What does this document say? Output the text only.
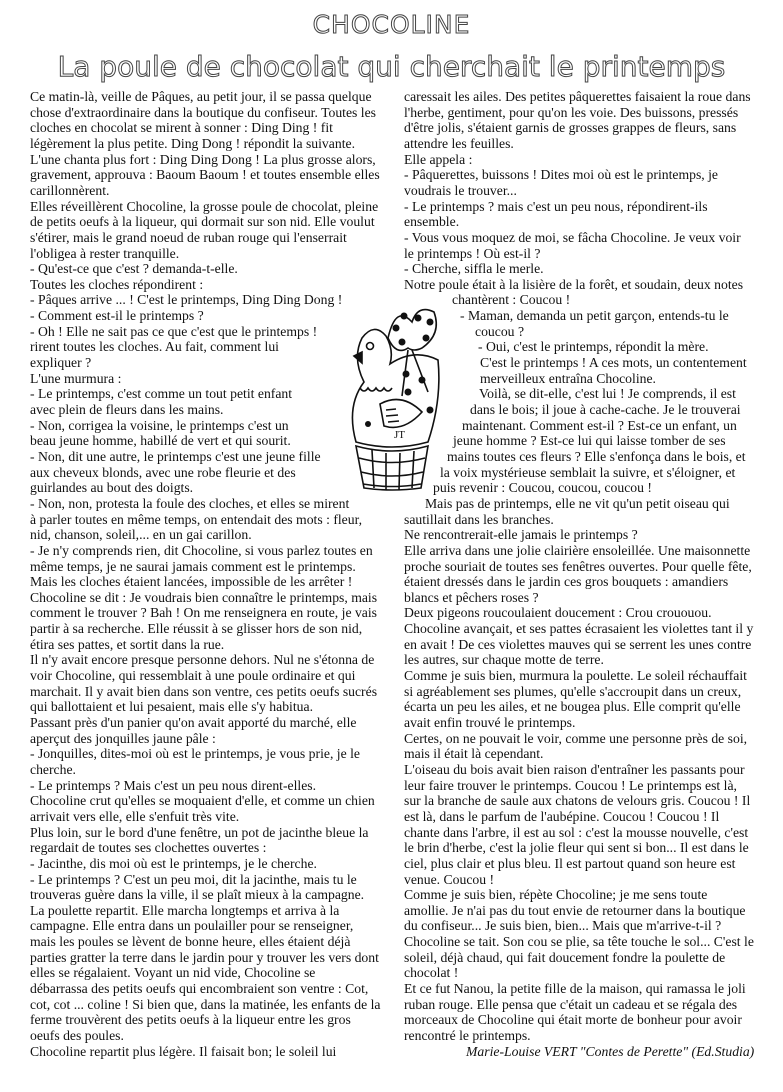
CHOCOLINE
La poule de chocolat qui cherchait le printemps
Ce matin-là, veille de Pâques, au petit jour, il se passa quelque
chose d'extraordinaire dans la boutique du confiseur. Toutes les
cloches en chocolat se mirent à sonner : Ding Ding ! fit
légèrement la plus petite. Ding Dong ! répondit la suivante.
L'une chanta plus fort : Ding Ding Dong ! La plus grosse alors,
gravement, approuva : Baoum Baoum ! et toutes ensemble elles
carillonnèrent.
Elles réveillèrent Chocoline, la grosse poule de chocolat, pleine
de petits oeufs à la liqueur, qui dormait sur son nid. Elle voulut
s'étirer, mais le grand noeud de ruban rouge qui l'enserrait
l'obligea à rester tranquille.
- Qu'est-ce que c'est ? demanda-t-elle.
Toutes les cloches répondirent :
- Pâques arrive ... ! C'est le printemps, Ding Ding Dong !
- Comment est-il le printemps ?
- Oh ! Elle ne sait pas ce que c'est que le printemps !
rirent toutes les cloches. Au fait, comment lui
expliquer ?
L'une murmura :
- Le printemps, c'est comme un tout petit enfant
avec plein de fleurs dans les mains.
- Non, corrigea la voisine, le printemps c'est un
beau jeune homme, habillé de vert et qui sourit.
- Non, dit une autre, le printemps c'est une jeune fille
aux cheveux blonds, avec une robe fleurie et des
guirlandes au bout des doigts.
- Non, non, protesta la foule des cloches, et elles se mirent
à parler toutes en même temps, on entendait des mots : fleur,
nid, chanson, soleil,... en un gai carillon.
- Je n'y comprends rien, dit Chocoline, si vous parlez toutes en
même temps, je ne saurai jamais comment est le printemps.
Mais les cloches étaient lancées, impossible de les arrêter !
Chocoline se dit : Je voudrais bien connaître le printemps, mais
comment le trouver ? Bah ! On me renseignera en route, je vais
partir à sa recherche. Elle réussit à se glisser hors de son nid,
étira ses pattes, et sortit dans la rue.
Il n'y avait encore presque personne dehors. Nul ne s'étonna de
voir Chocoline, qui ressemblait à une poule ordinaire et qui
marchait. Il y avait bien dans son ventre, ces petits oeufs sucrés
qui ballottaient et lui pesaient, mais elle s'y habitua.
Passant près d'un panier qu'on avait apporté du marché, elle
aperçut des jonquilles jaune pâle :
- Jonquilles, dites-moi où est le printemps, je vous prie, je le
cherche.
- Le printemps ? Mais c'est un peu nous dirent-elles.
Chocoline crut qu'elles se moquaient d'elle, et comme un chien
arrivait vers elle, elle s'enfuit très vite.
Plus loin, sur le bord d'une fenêtre, un pot de jacinthe bleue la
regardait de toutes ses clochettes ouvertes :
- Jacinthe, dis moi où est le printemps, je le cherche.
- Le printemps ? C'est un peu moi, dit la jacinthe, mais tu le
trouveras guère dans la ville, il se plaît mieux à la campagne.
La poulette repartit. Elle marcha longtemps et arriva à la
campagne. Elle entra dans un poulailler pour se renseigner,
mais les poules se lèvent de bonne heure, elles étaient déjà
parties gratter la terre dans le jardin pour y trouver les vers dont
elles se régalaient. Voyant un nid vide, Chocoline se
débarrassa des petits oeufs qui encombraient son ventre : Cot,
cot, cot ... coline ! Si bien que, dans la matinée, les enfants de la
ferme trouvèrent des petits oeufs à la liqueur entre les gros
oeufs des poules.
Chocoline repartit plus légère. Il faisait bon; le soleil lui
caressait les ailes. Des petites pâquerettes faisaient la roue dans
l'herbe, gentiment, pour qu'on les voie. Des buissons, pressés
d'être jolis, s'étaient garnis de grosses grappes de fleurs, sans
attendre les feuilles.
Elle appela :
- Pâquerettes, buissons ! Dites moi où est le printemps, je
voudrais le trouver...
- Le printemps ? mais c'est un peu nous, répondirent-ils
ensemble.
- Vous vous moquez de moi, se fâcha Chocoline. Je veux voir
le printemps ! Où est-il ?
- Cherche, siffla le merle.
Notre poule était à la lisière de la forêt, et soudain, deux notes
chantèrent : Coucou !
- Maman, demanda un petit garçon, entends-tu le
coucou ?
- Oui, c'est le printemps, répondit la mère.
C'est le printemps ! A ces mots, un contentement
merveilleux entraîna Chocoline.
Voilà, se dit-elle, c'est lui ! Je comprends, il est
dans le bois; il joue à cache-cache. Je le trouverai
maintenant. Comment est-il ? Est-ce un enfant, un
jeune homme ? Est-ce lui qui laisse tomber de ses
mains toutes ces fleurs ? Elle s'enfonça dans le bois, et
la voix mystérieuse semblait la suivre, et s'éloigner, et
puis revenir : Coucou, coucou, coucou !
Mais pas de printemps, elle ne vit qu'un petit oiseau qui
sautillait dans les branches.
Ne rencontrerait-elle jamais le printemps ?
Elle arriva dans une jolie clairière ensoleillée. Une maisonnette
proche souriait de toutes ses fenêtres ouvertes. Pour quelle fête,
étaient dressés dans le jardin ces gros bouquets : amandiers
blancs et pêchers roses ?
Deux pigeons roucoulaient doucement : Crou crououou.
Chocoline avançait, et ses pattes écrasaient les violettes tant il y
en avait ! De ces violettes mauves qui se serrent les unes contre
les autres, sur chaque motte de terre.
Comme je suis bien, murmura la poulette. Le soleil réchauffait
si agréablement ses plumes, qu'elle s'accroupit dans un creux,
écarta un peu les ailes, et ne bougea plus. Elle comprit qu'elle
avait enfin trouvé le printemps.
Certes, on ne pouvait le voir, comme une personne près de soi,
mais il était là cependant.
L'oiseau du bois avait bien raison d'entraîner les passants pour
leur faire trouver le printemps. Coucou ! Le printemps est là,
sur la branche de saule aux chatons de velours gris. Coucou ! Il
est là, dans le parfum de l'aubépine. Coucou ! Coucou ! Il
chante dans l'arbre, il est au sol : c'est la mousse nouvelle, c'est
le brin d'herbe, c'est la jolie fleur qui sent si bon... Il est dans le
ciel, plus clair et plus bleu. Il est partout quand son heure est
venue. Coucou !
Comme je suis bien, répète Chocoline; je me sens toute
amollie. Je n'ai pas du tout envie de retourner dans la boutique
du confiseur... Je suis bien, bien... Mais que m'arrive-t-il ?
Chocoline se tait. Son cou se plie, sa tête touche le sol... C'est le
soleil, déjà chaud, qui fait doucement fondre la poulette de
chocolat !
Et ce fut Nanou, la petite fille de la maison, qui ramassa le joli
ruban rouge. Elle pensa que c'était un cadeau et se régala des
morceaux de Chocoline qui était morte de bonheur pour avoir
rencontré le printemps.
Marie-Louise VERT "Contes de Perette" (Ed.Studia)
JT
